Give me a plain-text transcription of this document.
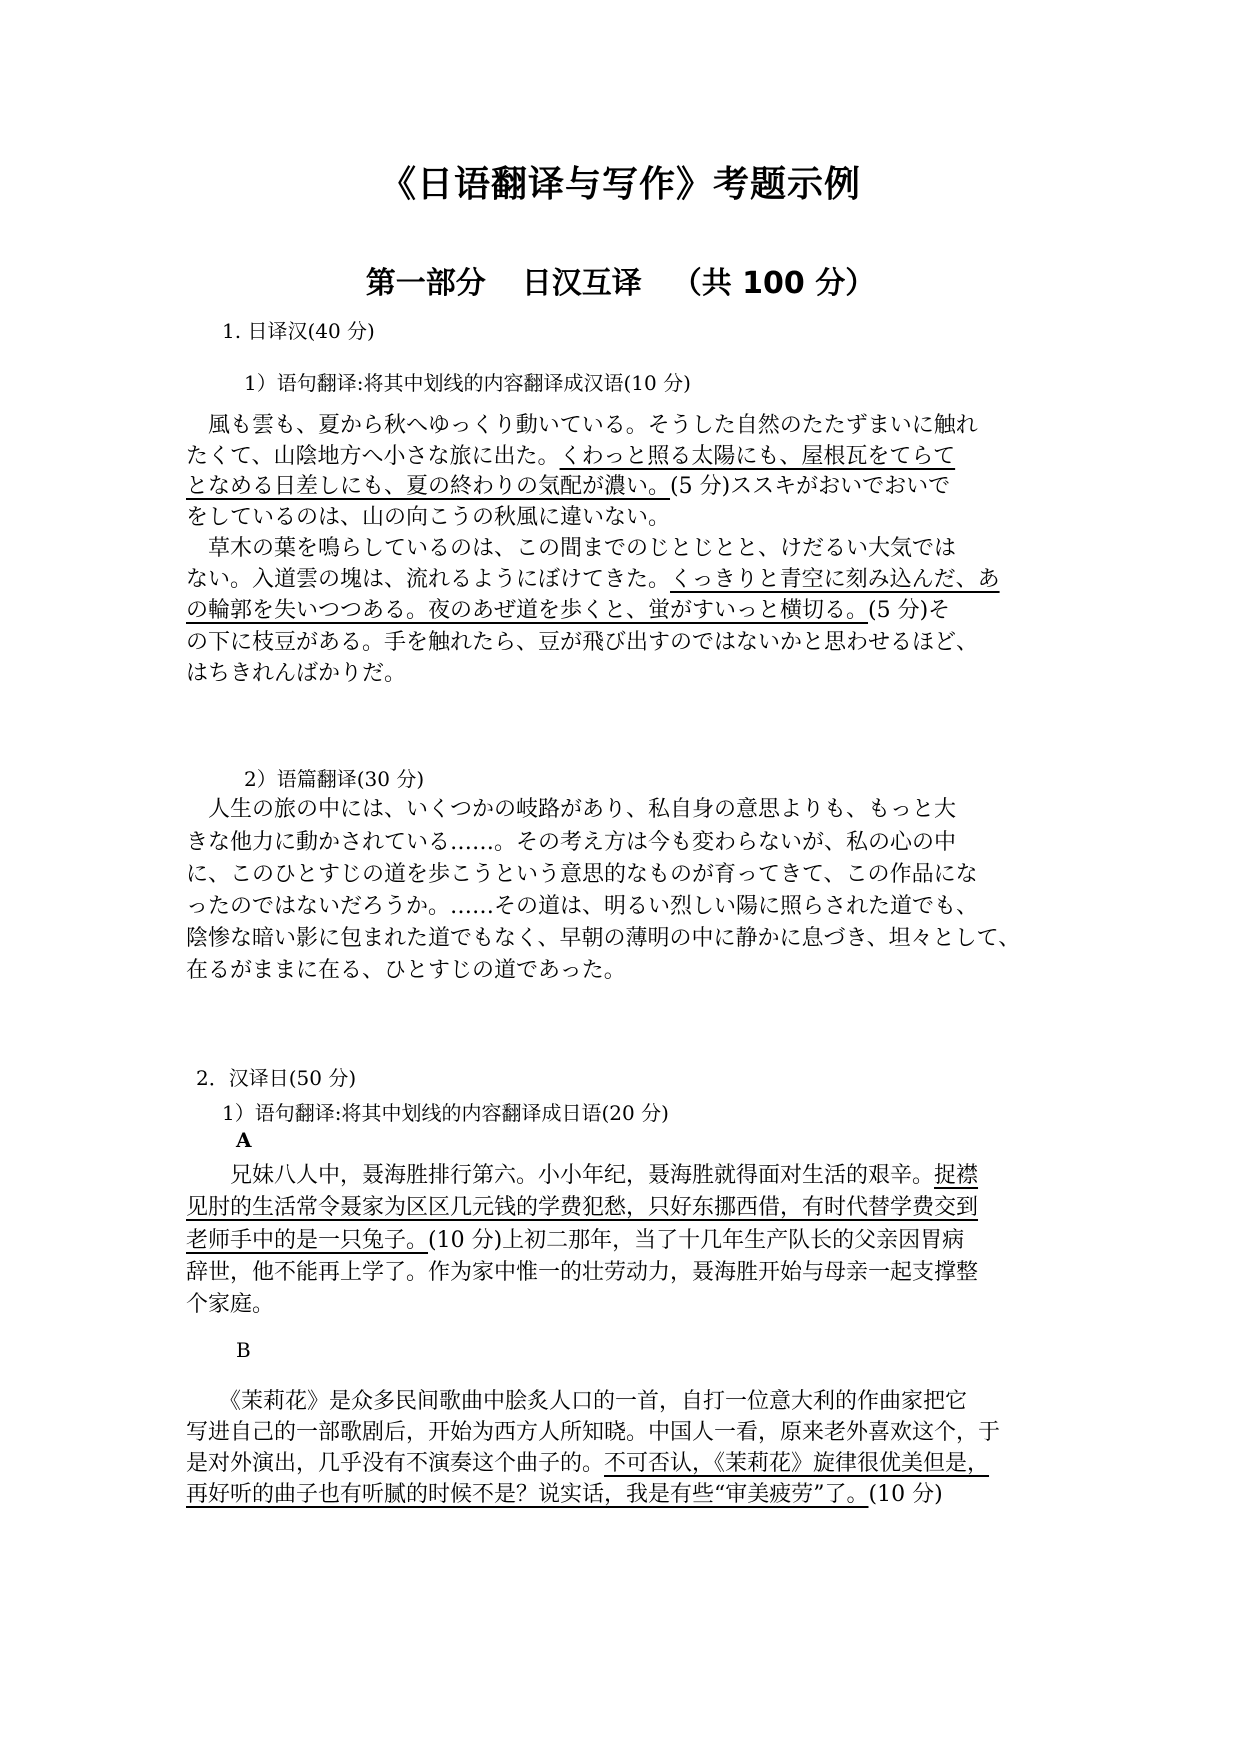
《日语翻译与写作》考题示例
第一部分 日汉互译 （共 100 分）
1. 日译汉(40 分)
1）语句翻译:将其中划线的内容翻译成汉语(10 分)
　風も雲も、夏から秋へゆっくり動いている。そうした自然のたたずまいに触れ
たくて、山陰地方へ小さな旅に出た。くわっと照る太陽にも、屋根瓦をてらて
となめる日差しにも、夏の終わりの気配が濃い。(5 分)ススキがおいでおいで
をしているのは、山の向こうの秋風に違いない。
　草木の葉を鳴らしているのは、この間までのじとじとと、けだるい大気では
ない。入道雲の塊は、流れるようにぼけてきた。くっきりと青空に刻み込んだ、あ
の輪郭を失いつつある。夜のあぜ道を歩くと、蛍がすいっと横切る。(5 分)そ
の下に枝豆がある。手を触れたら、豆が飛び出すのではないかと思わせるほど、
はちきれんばかりだ。
2）语篇翻译(30 分)
　人生の旅の中には、いくつかの岐路があり、私自身の意思よりも、もっと大
きな他力に動かされている……。その考え方は今も変わらないが、私の心の中
に、このひとすじの道を歩こうという意思的なものが育ってきて、この作品にな
ったのではないだろうか。……その道は、明るい烈しい陽に照らされた道でも、
陰惨な暗い影に包まれた道でもなく、早朝の薄明の中に静かに息づき、坦々として、
在るがままに在る、ひとすじの道であった。
2．汉译日(50 分)
1）语句翻译:将其中划线的内容翻译成日语(20 分)
A
　　兄妹八人中，聂海胜排行第六。小小年纪，聂海胜就得面对生活的艰辛。捉襟
见肘的生活常令聂家为区区几元钱的学费犯愁，只好东挪西借，有时代替学费交到
老师手中的是一只兔子。(10 分)上初二那年，当了十几年生产队长的父亲因胃病
辞世，他不能再上学了。作为家中惟一的壮劳动力，聂海胜开始与母亲一起支撑整
个家庭。
B
　　《茉莉花》是众多民间歌曲中脍炙人口的一首，自打一位意大利的作曲家把它
写进自己的一部歌剧后，开始为西方人所知晓。中国人一看，原来老外喜欢这个，于
是对外演出，几乎没有不演奏这个曲子的。不可否认，《茉莉花》旋律很优美但是，
再好听的曲子也有听腻的时候不是？说实话，我是有些“审美疲劳”了。(10 分)
